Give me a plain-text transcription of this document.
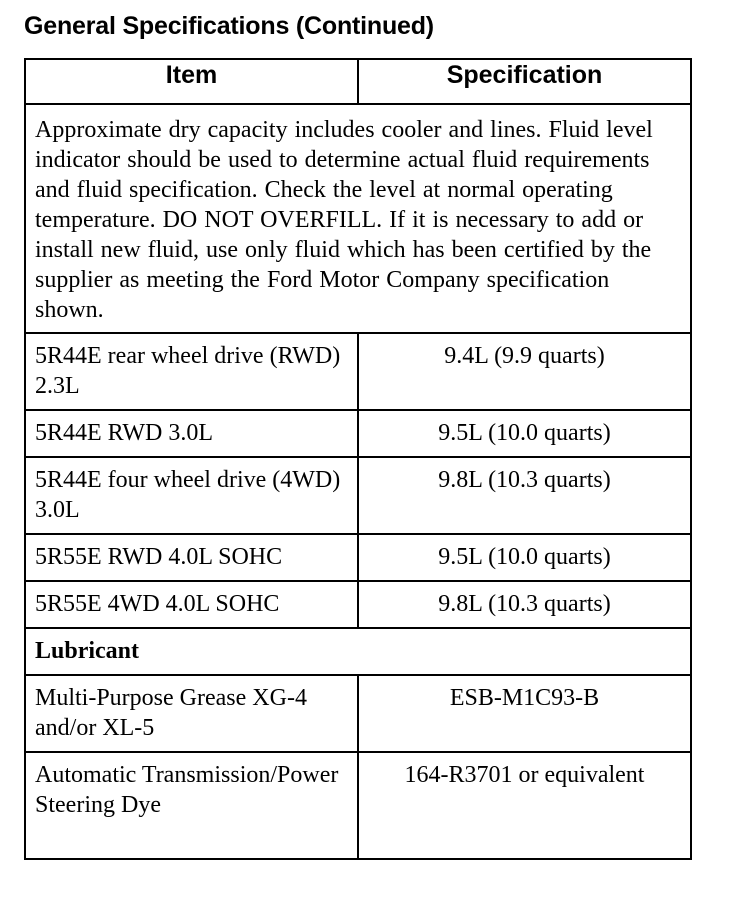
General Specifications (Continued)
Item	Specification
Approximate dry capacity includes cooler and lines. Fluid level indicator should be used to determine actual fluid requirements and fluid specification. Check the level at normal operating temperature. DO NOT OVERFILL. If it is necessary to add or install new fluid, use only fluid which has been certified by the supplier as meeting the Ford Motor Company specification shown.	
5R44E rear wheel drive (RWD) 2.3L	9.4L (9.9 quarts)
5R44E RWD 3.0L	9.5L (10.0 quarts)
5R44E four wheel drive (4WD) 3.0L	9.8L (10.3 quarts)
5R55E RWD 4.0L SOHC	9.5L (10.0 quarts)
5R55E 4WD 4.0L SOHC	9.8L (10.3 quarts)
Lubricant	
Multi-Purpose Grease XG-4 and/or XL-5	ESB-M1C93-B
Automatic Transmission/Power Steering Dye	164-R3701 or equivalent
